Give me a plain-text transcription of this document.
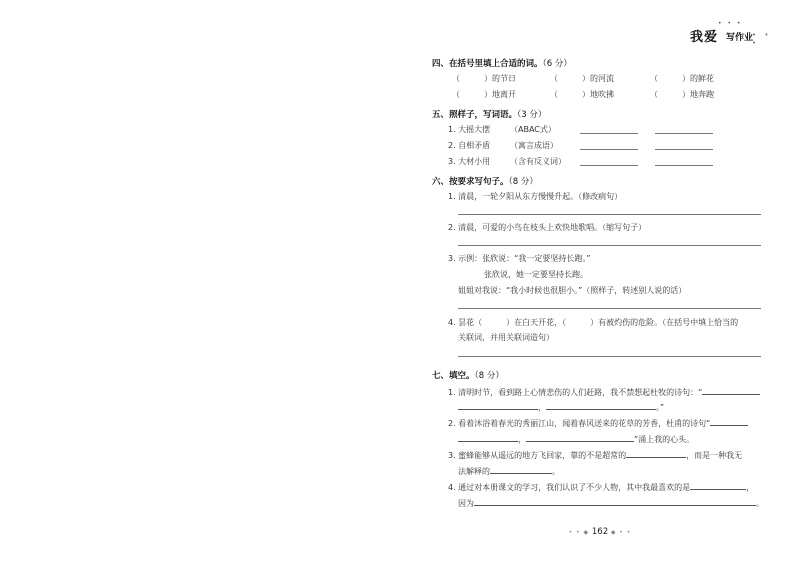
• • •
我爱 写作业
• • •
四、在括号里填上合适的词。（6 分）
（　　　）的节日	（　　　）的河流	（　　　）的鲜花
（　　　）地离开	（　　　）地吹拂	（　　　）地奔跑
五、照样子，写词语。（3 分）
1. 大摇大摆 （ABAC式）
2. 自相矛盾 （寓言成语）
3. 大材小用 （含有反义词）
六、按要求写句子。（8 分）
1. 清晨，一轮夕阳从东方慢慢升起。（修改病句）
2. 清晨，可爱的小鸟在枝头上欢快地歌唱。（缩写句子）
3. 示例：张欣说：“我一定要坚持长跑。”
张欣说，她一定要坚持长跑。
姐姐对我说：“我小时候也很胆小。”（照样子，转述别人说的话）
4. 昙花（　　　）在白天开花，（　　　）有被灼伤的危险。（在括号中填上恰当的
关联词，并用关联词造句）
七、填空。（8 分）
1. 清明时节，看到路上心情悲伤的人们赶路，我不禁想起杜牧的诗句：“
，	。”
2. 看着沐浴着春光的秀丽江山，闻着春风送来的花草的芳香，杜甫的诗句“
，	”涌上我的心头。
3. 蜜蜂能够从遥远的地方飞回家，靠的不是超常的	，而是一种我无
法解释的	。
4. 通过对本册课文的学习，我们认识了不少人物，其中我最喜欢的是	，
因为	。
• • ◆ 162 ◆ • •
